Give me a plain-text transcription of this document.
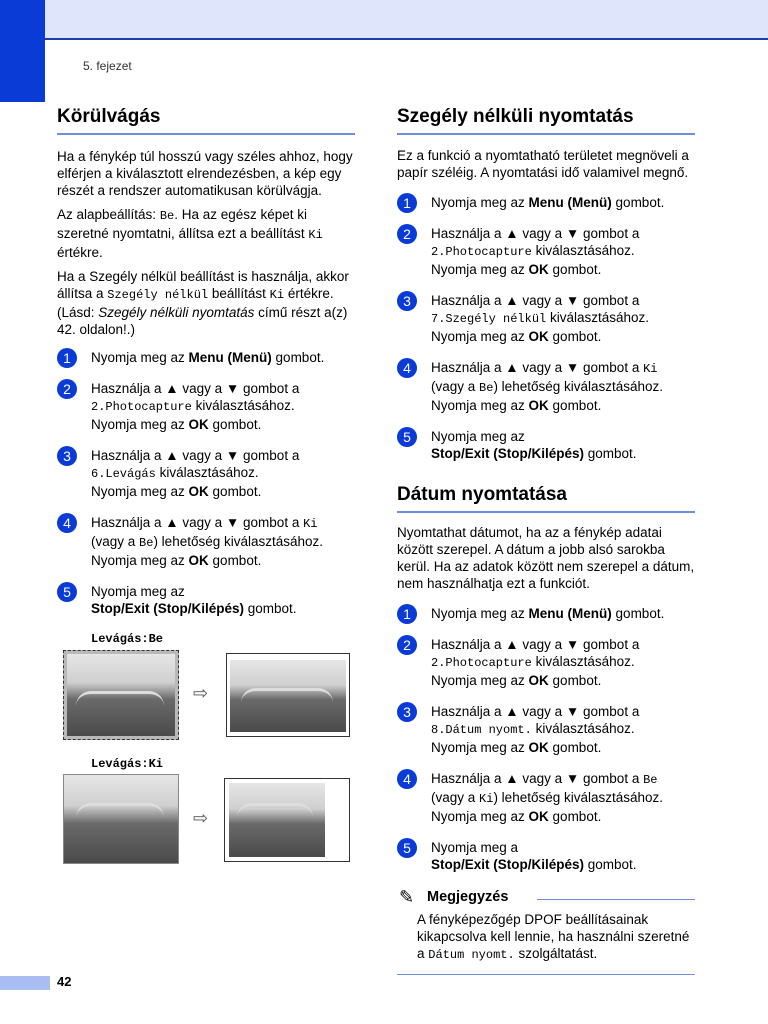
5. fejezet
Körülvágás

Ha a fénykép túl hosszú vagy széles ahhoz, hogy elférjen a kiválasztott elrendezésben, a kép egy részét a rendszer automatikusan körülvágja.

Az alapbeállítás: Be. Ha az egész képet ki szeretné nyomtatni, állítsa ezt a beállítást Ki értékre.

Ha a Szegély nélkül beállítást is használja, akkor állítsa a Szegély nélkül beállítást Ki értékre. (Lásd: Szegély nélküli nyomtatás című részt a(z) 42. oldalon!.)

1	Nyomja meg az Menu (Menü) gombot.
2	Használja a ▲ vagy a ▼ gombot a
2.Photocapture kiválasztásához.
Nyomja meg az OK gombot.
3	Használja a ▲ vagy a ▼ gombot a
6.Levágás kiválasztásához.
Nyomja meg az OK gombot.
4	Használja a ▲ vagy a ▼ gombot a Ki
(vagy a Be) lehetőség kiválasztásához.
Nyomja meg az OK gombot.
5	Nyomja meg az
Stop/Exit (Stop/Kilépés) gombot.
Levágás:Be
⇨
Levágás:Ki
⇨
Szegély nélküli nyomtatás

Ez a funkció a nyomtatható területet megnöveli a papír széléig. A nyomtatási idő valamivel megnő.

1	Nyomja meg az Menu (Menü) gombot.
2	Használja a ▲ vagy a ▼ gombot a
2.Photocapture kiválasztásához.
Nyomja meg az OK gombot.
3	Használja a ▲ vagy a ▼ gombot a
7.Szegély nélkül kiválasztásához.
Nyomja meg az OK gombot.
4	Használja a ▲ vagy a ▼ gombot a Ki
(vagy a Be) lehetőség kiválasztásához.
Nyomja meg az OK gombot.
5	Nyomja meg az
Stop/Exit (Stop/Kilépés) gombot.
Dátum nyomtatása

Nyomtathat dátumot, ha az a fénykép adatai között szerepel. A dátum a jobb alsó sarokba kerül. Ha az adatok között nem szerepel a dátum, nem használhatja ezt a funkciót.

1	Nyomja meg az Menu (Menü) gombot.
2	Használja a ▲ vagy a ▼ gombot a
2.Photocapture kiválasztásához.
Nyomja meg az OK gombot.
3	Használja a ▲ vagy a ▼ gombot a
8.Dátum nyomt. kiválasztásához.
Nyomja meg az OK gombot.
4	Használja a ▲ vagy a ▼ gombot a Be
(vagy a Ki) lehetőség kiválasztásához.
Nyomja meg az OK gombot.
5	Nyomja meg a
Stop/Exit (Stop/Kilépés) gombot.
✎ Megjegyzés

A fényképezőgép DPOF beállításainak kikapcsolva kell lennie, ha használni szeretné a Dátum nyomt. szolgáltatást.

42
